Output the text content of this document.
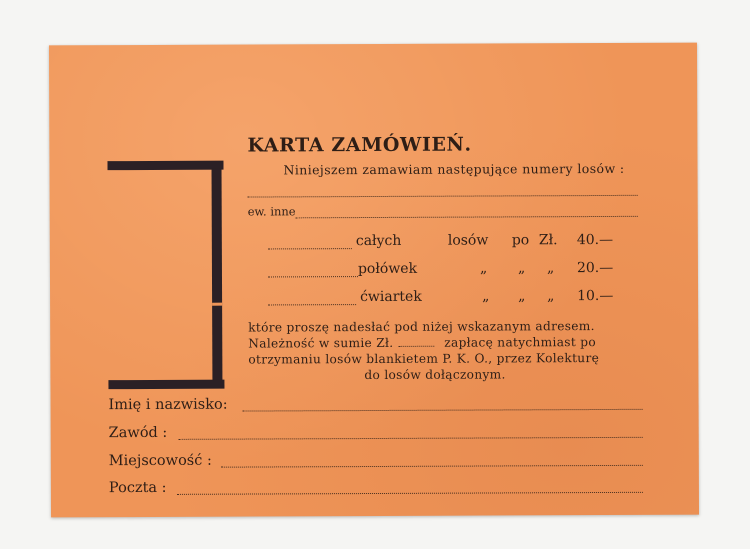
KARTA ZAMÓWIEŃ.
Niniejszem zamawiam następujące numery losów :
ew. inne
całych	losów po Zł. 40.—
połówek	„ „ „ 20.—
ćwiartek	„ „ „ 10.—
które proszę nadesłać pod niżej wskazanym adresem.
Należność w sumie Zł.	zapłacę natychmiast po
otrzymaniu losów blankietem P. K. O., przez Kolekturę
do losów dołączonym.
Imię i nazwisko:
Zawód :
Miejscowość :
Poczta :
